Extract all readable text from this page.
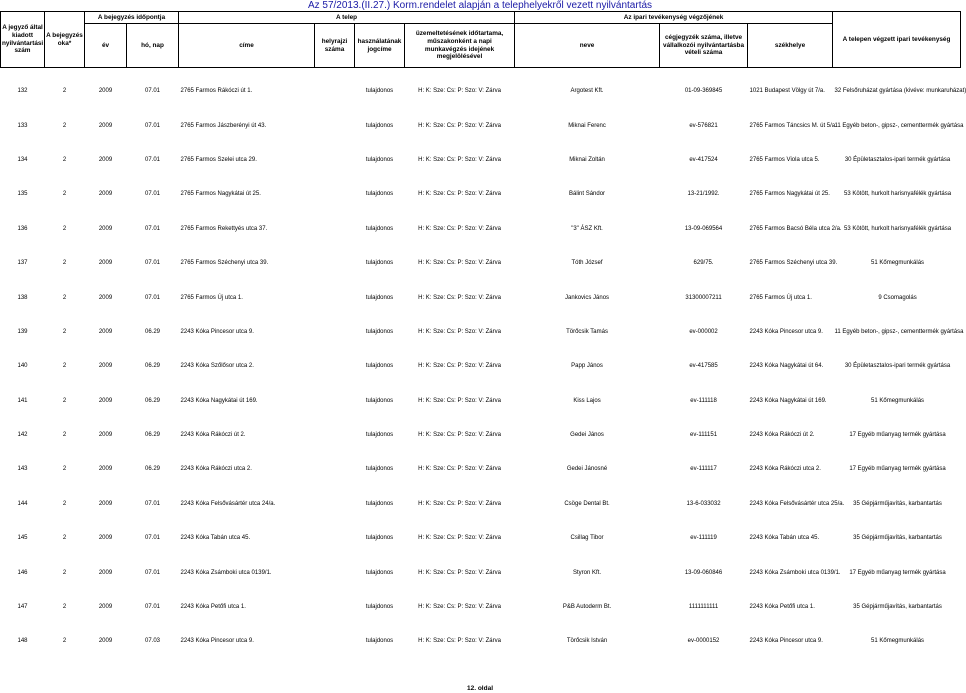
Az 57/2013.(II.27.) Korm.rendelet alapján a telephelyekről vezett nyilvántartás
A jegyző által kiadott nyilvántartási szám	A bejegyzés oka*	A bejegyzés időpontja		A telep				Az ipari tevékenység végzőjének			A telepen végzett ipari tevékenység
		év	hó, nap	címe	helyrajzi száma	használatának jogcíme	üzemeltetésének időtartama, műszakonként a napi munkavégzés idejének megjelölésével	neve	cégjegyzék száma, illetve vállalkozói nyilvántartásba vételi száma	székhelye	

132	2	2009	07.01	2765 Farmos Rákóczi út 1.		tulajdonos	H: K: Sze: Cs: P: Szo: V: Zárva	Argotest Kft.	01-09-369845	1021 Budapest Völgy út 7/a.	32 Felsőruházat gyártása (kivéve: munkaruházat)
133	2	2009	07.01	2765 Farmos Jászberényi út 43.		tulajdonos	H: K: Sze: Cs: P: Szo: V: Zárva	Miknai Ferenc	ev-576821	2765 Farmos Táncsics M. út 5/a.	11 Egyéb beton-, gipsz-, cementtermék gyártása
134	2	2009	07.01	2765 Farmos Szelei utca 29.		tulajdonos	H: K: Sze: Cs: P: Szo: V: Zárva	Miknai Zoltán	ev-417524	2765 Farmos Viola utca 5.	30 Épületasztalos-ipari termék gyártása
135	2	2009	07.01	2765 Farmos Nagykátai út 25.		tulajdonos	H: K: Sze: Cs: P: Szo: V: Zárva	Bálint Sándor	13-21/1992.	2765 Farmos Nagykátai út 25.	53 Kötött, hurkolt harisnyafélék gyártása
136	2	2009	07.01	2765 Farmos Rekettyés utca 37.		tulajdonos	H: K: Sze: Cs: P: Szo: V: Zárva	"3" ÁSZ Kft.	13-09-069564	2765 Farmos Bacsó Béla utca 2/a.	53 Kötött, hurkolt harisnyafélék gyártása
137	2	2009	07.01	2765 Farmos Széchenyi utca 39.		tulajdonos	H: K: Sze: Cs: P: Szo: V: Zárva	Tóth József	629/75.	2765 Farmos Széchenyi utca 39.	51 Kőmegmunkálás
138	2	2009	07.01	2765 Farmos Új utca 1.		tulajdonos	H: K: Sze: Cs: P: Szo: V: Zárva	Jankovics János	31300007211	2765 Farmos Új utca 1.	9 Csomagolás
139	2	2009	06.29	2243 Kóka Pincesor utca 9.		tulajdonos	H: K: Sze: Cs: P: Szo: V: Zárva	Törőcsik Tamás	ev-000002	2243 Kóka Pincesor utca 9.	11 Egyéb beton-, gipsz-, cementtermék gyártása
140	2	2009	06.29	2243 Kóka Szőlősor utca 2.		tulajdonos	H: K: Sze: Cs: P: Szo: V: Zárva	Papp János	ev-417585	2243 Kóka Nagykátai út 64.	30 Épületasztalos-ipari termék gyártása
141	2	2009	06.29	2243 Kóka Nagykátai út 169.		tulajdonos	H: K: Sze: Cs: P: Szo: V: Zárva	Kiss Lajos	ev-111118	2243 Kóka Nagykátai út 169.	51 Kőmegmunkálás
142	2	2009	06.29	2243 Kóka Rákóczi út 2.		tulajdonos	H: K: Sze: Cs: P: Szo: V: Zárva	Gedei János	ev-111151	2243 Kóka Rákóczi út 2.	17 Egyéb műanyag termék gyártása
143	2	2009	06.29	2243 Kóka Rákóczi utca 2.		tulajdonos	H: K: Sze: Cs: P: Szo: V: Zárva	Gedei Jánosné	ev-111117	2243 Kóka Rákóczi utca 2.	17 Egyéb műanyag termék gyártása
144	2	2009	07.01	2243 Kóka Felsővásártér utca 24/a.		tulajdonos	H: K: Sze: Cs: P: Szo: V: Zárva	Csöge Dental Bt.	13-6-033032	2243 Kóka Felsővásártér utca 25/a.	35 Gépjárműjavítás, karbantartás
145	2	2009	07.01	2243 Kóka Tabán utca 45.		tulajdonos	H: K: Sze: Cs: P: Szo: V: Zárva	Csillag Tibor	ev-111119	2243 Kóka Tabán utca 45.	35 Gépjárműjavítás, karbantartás
146	2	2009	07.01	2243 Kóka Zsámboki utca 0139/1.		tulajdonos	H: K: Sze: Cs: P: Szo: V: Zárva	Styron Kft.	13-09-060846	2243 Kóka Zsámboki utca 0139/1.	17 Egyéb műanyag termék gyártása
147	2	2009	07.01	2243 Kóka Petőfi utca 1.		tulajdonos	H: K: Sze: Cs: P: Szo: V: Zárva	P&B Autoderm Bt.	1111111111	2243 Kóka Petőfi utca 1.	35 Gépjárműjavítás, karbantartás
148	2	2009	07.03	2243 Kóka Pincesor utca 9.		tulajdonos	H: K: Sze: Cs: P: Szo: V: Zárva	Törőcsik István	ev-0000152	2243 Kóka Pincesor utca 9.	51 Kőmegmunkálás
12. oldal
